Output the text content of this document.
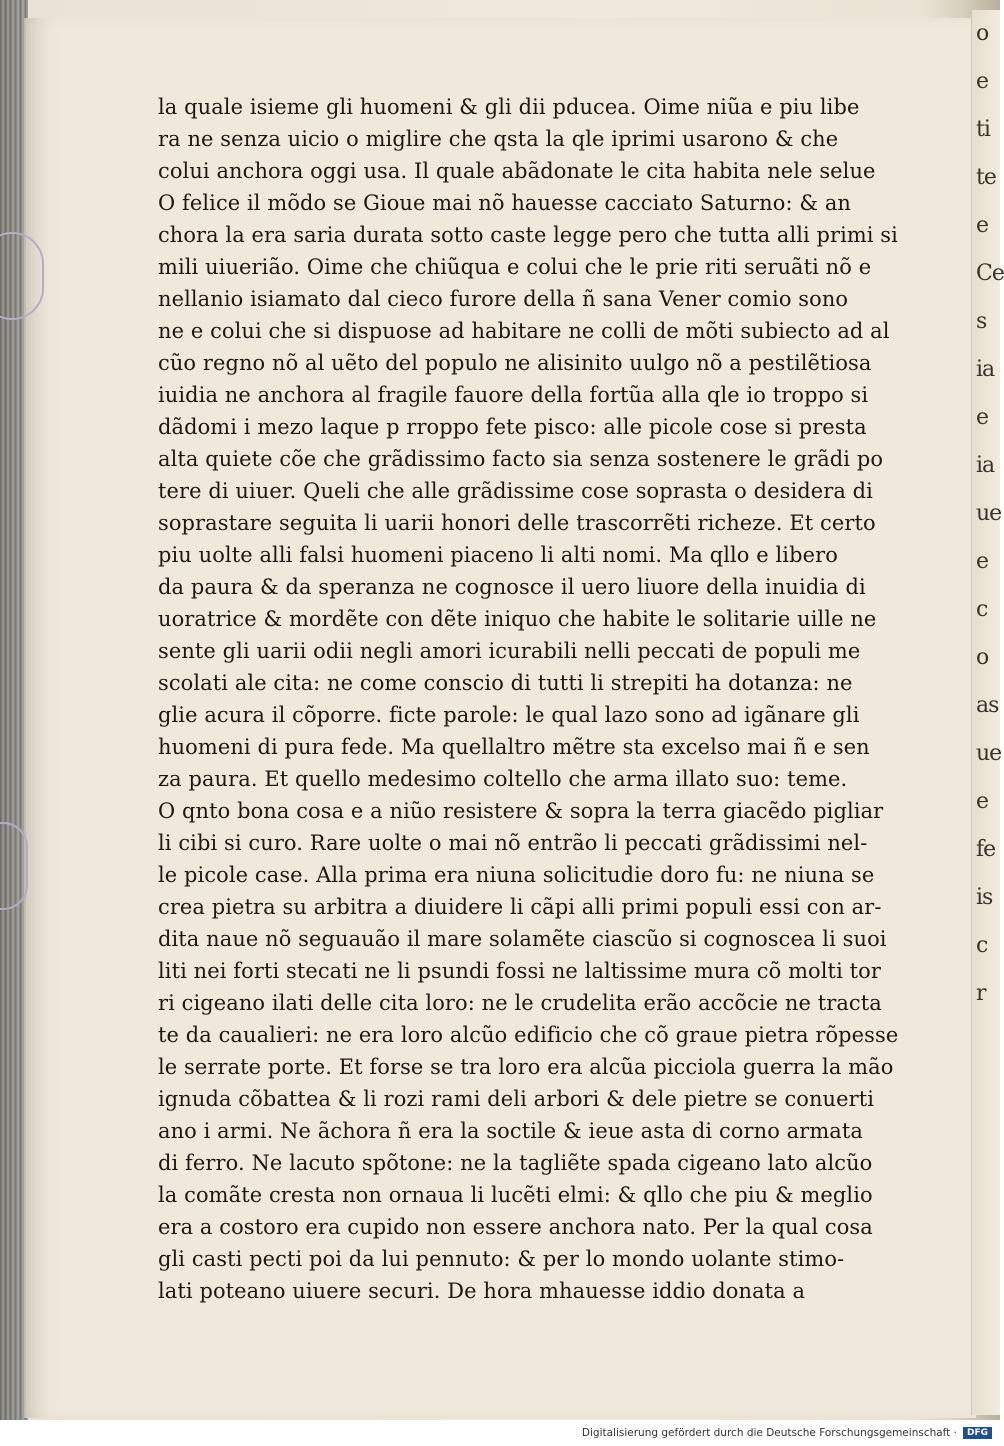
la quale isieme gli huomeni & gli dii pducea. Oime niũa e piu libe

ra ne senza uicio o miglire che qsta la qle iprimi usarono & che

colui anchora oggi usa. Il quale abãdonate le cita habita nele selue

O felice il mõdo se Gioue mai nõ hauesse cacciato Saturno: & an

chora la era saria durata sotto caste legge pero che tutta alli primi si

mili uiuerião. Oime che chiũqua e colui che le prie riti seruãti nõ e

nellanio isiamato dal cieco furore della ñ sana Vener comio sono

ne e colui che si dispuose ad habitare ne colli de mõti subiecto ad al

cũo regno nõ al uẽto del populo ne alisinito uulgo nõ a pestilẽtiosa

iuidia ne anchora al fragile fauore della fortũa alla qle io troppo si

dãdomi i mezo laque p rroppo fete pisco: alle picole cose si presta

alta quiete cõe che grãdissimo facto sia senza sostenere le grãdi po

tere di uiuer. Queli che alle grãdissime cose soprasta o desidera di

soprastare seguita li uarii honori delle trascorrẽti richeze. Et certo

piu uolte alli falsi huomeni piaceno li alti nomi. Ma qllo e libero

da paura & da speranza ne cognosce il uero liuore della inuidia di

uoratrice & mordẽte con dẽte iniquo che habite le solitarie uille ne

sente gli uarii odii negli amori icurabili nelli peccati de populi me

scolati ale cita: ne come conscio di tutti li strepiti ha dotanza: ne

glie acura il cõporre. ficte parole: le qual lazo sono ad igãnare gli

huomeni di pura fede. Ma quellaltro mẽtre sta excelso mai ñ e sen

za paura. Et quello medesimo coltello che arma illato suo: teme.

O qnto bona cosa e a niũo resistere & sopra la terra giacẽdo pigliar

li cibi si curo. Rare uolte o mai nõ entrão li peccati grãdissimi nel-

le picole case. Alla prima era niuna solicitudie doro fu: ne niuna se

crea pietra su arbitra a diuidere li cãpi alli primi populi essi con ar-

dita naue nõ seguauão il mare solamẽte ciascũo si cognoscea li suoi

liti nei forti stecati ne li psundi fossi ne laltissime mura cõ molti tor

ri cigeano ilati delle cita loro: ne le crudelita erão accõcie ne tracta

te da caualieri: ne era loro alcũo edificio che cõ graue pietra rõpesse

le serrate porte. Et forse se tra loro era alcũa picciola guerra la mão

ignuda cõbattea & li rozi rami deli arbori & dele pietre se conuerti

ano i armi. Ne ãchora ñ era la soctile & ieue asta di corno armata

di ferro. Ne lacuto spõtone: ne la tagliẽte spada cigeano lato alcũo

la comãte cresta non ornaua li lucẽti elmi: & qllo che piu & meglio

era a costoro era cupido non essere anchora nato. Per la qual cosa

gli casti pecti poi da lui pennuto: & per lo mondo uolante stimo-

lati poteano uiuere securi. De hora mhauesse iddio donata a

o
e
ti
te
e
Ce
s
ia
e
ia
ue
e
c
o
as
ue
e
fe
is
c
r
Digitalisierung gefördert durch die Deutsche Forschungsgemeinschaft ·	DFG
